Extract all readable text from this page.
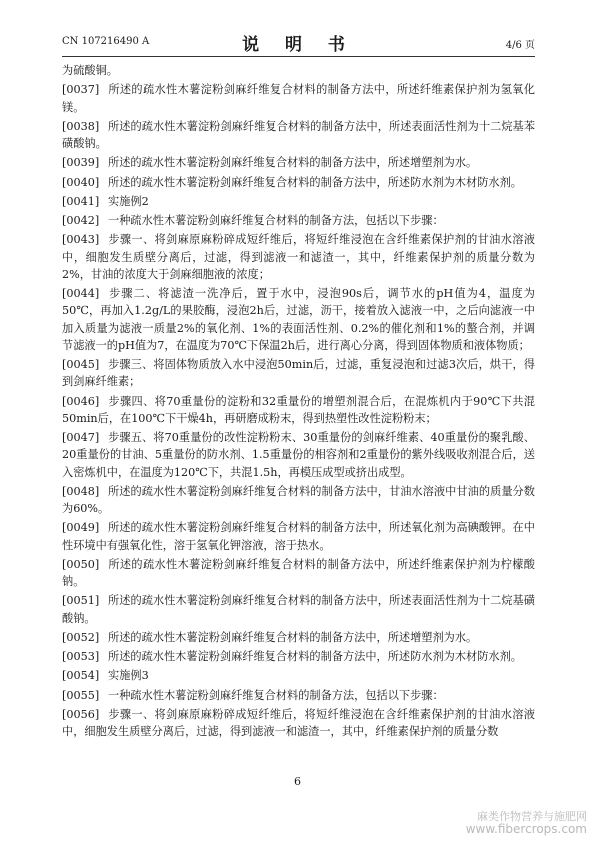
CN 107216490 A	说 明 书	4/6 页

为硫酸铜。

[0037] 所述的疏水性木薯淀粉剑麻纤维复合材料的制备方法中，所述纤维素保护剂为氢氧化镁。

[0038] 所述的疏水性木薯淀粉剑麻纤维复合材料的制备方法中，所述表面活性剂为十二烷基苯磺酸钠。

[0039] 所述的疏水性木薯淀粉剑麻纤维复合材料的制备方法中，所述增塑剂为水。

[0040] 所述的疏水性木薯淀粉剑麻纤维复合材料的制备方法中，所述防水剂为木材防水剂。

[0041] 实施例2

[0042] 一种疏水性木薯淀粉剑麻纤维复合材料的制备方法，包括以下步骤：

[0043] 步骤一、将剑麻原麻粉碎成短纤维后，将短纤维浸泡在含纤维素保护剂的甘油水溶液中，细胞发生质壁分离后，过滤，得到滤液一和滤渣一，其中，纤维素保护剂的质量分数为2%，甘油的浓度大于剑麻细胞液的浓度；

[0044] 步骤二、将滤渣一洗净后，置于水中，浸泡90s后，调节水的pH值为4，温度为50℃，再加入1.2g/L的果胶酶，浸泡2h后，过滤，沥干，接着放入滤液一中，之后向滤液一中加入质量为滤液一质量2%的氧化剂、1%的表面活性剂、0.2%的催化剂和1%的螯合剂，并调节滤液一的pH值为7，在温度为70℃下保温2h后，进行离心分离，得到固体物质和液体物质；

[0045] 步骤三、将固体物质放入水中浸泡50min后，过滤，重复浸泡和过滤3次后，烘干，得到剑麻纤维素；

[0046] 步骤四、将70重量份的淀粉和32重量份的增塑剂混合后，在混炼机内于90℃下共混50min后，在100℃下干燥4h，再研磨成粉末，得到热塑性改性淀粉粉末；

[0047] 步骤五、将70重量份的改性淀粉粉末、30重量份的剑麻纤维素、40重量份的聚乳酸、20重量份的甘油、5重量份的防水剂、1.5重量份的相容剂和2重量份的紫外线吸收剂混合后，送入密炼机中，在温度为120℃下，共混1.5h，再模压成型或挤出成型。

[0048] 所述的疏水性木薯淀粉剑麻纤维复合材料的制备方法中，甘油水溶液中甘油的质量分数为60%。

[0049] 所述的疏水性木薯淀粉剑麻纤维复合材料的制备方法中，所述氧化剂为高碘酸钾。在中性环境中有强氧化性，溶于氢氧化钾溶液，溶于热水。

[0050] 所述的疏水性木薯淀粉剑麻纤维复合材料的制备方法中，所述纤维素保护剂为柠檬酸钠。

[0051] 所述的疏水性木薯淀粉剑麻纤维复合材料的制备方法中，所述表面活性剂为十二烷基磺酸钠。

[0052] 所述的疏水性木薯淀粉剑麻纤维复合材料的制备方法中，所述增塑剂为水。

[0053] 所述的疏水性木薯淀粉剑麻纤维复合材料的制备方法中，所述防水剂为木材防水剂。

[0054] 实施例3

[0055] 一种疏水性木薯淀粉剑麻纤维复合材料的制备方法，包括以下步骤：

[0056] 步骤一、将剑麻原麻粉碎成短纤维后，将短纤维浸泡在含纤维素保护剂的甘油水溶液中，细胞发生质壁分离后，过滤，得到滤液一和滤渣一，其中，纤维素保护剂的质量分数

6
麻类作物营养与施肥网
www.fibercrops.com
